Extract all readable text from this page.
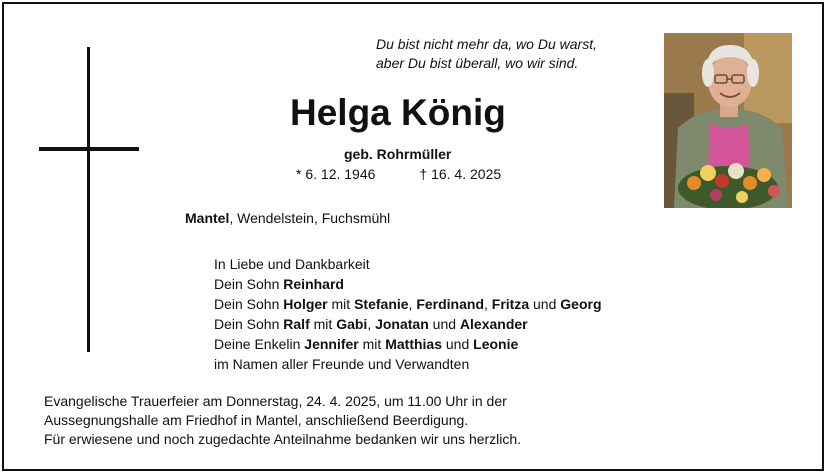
Du bist nicht mehr da, wo Du warst,
aber Du bist überall, wo wir sind.
Helga König
geb. Rohrmüller
* 6. 12. 1946	† 16. 4. 2025
Mantel, Wendelstein, Fuchsmühl
In Liebe und Dankbarkeit
Dein Sohn Reinhard
Dein Sohn Holger mit Stefanie, Ferdinand, Fritza und Georg
Dein Sohn Ralf mit Gabi, Jonatan und Alexander
Deine Enkelin Jennifer mit Matthias und Leonie
im Namen aller Freunde und Verwandten
Evangelische Trauerfeier am Donnerstag, 24. 4. 2025, um 11.00 Uhr in der
Aussegnungshalle am Friedhof in Mantel, anschließend Beerdigung.
Für erwiesene und noch zugedachte Anteilnahme bedanken wir uns herzlich.
